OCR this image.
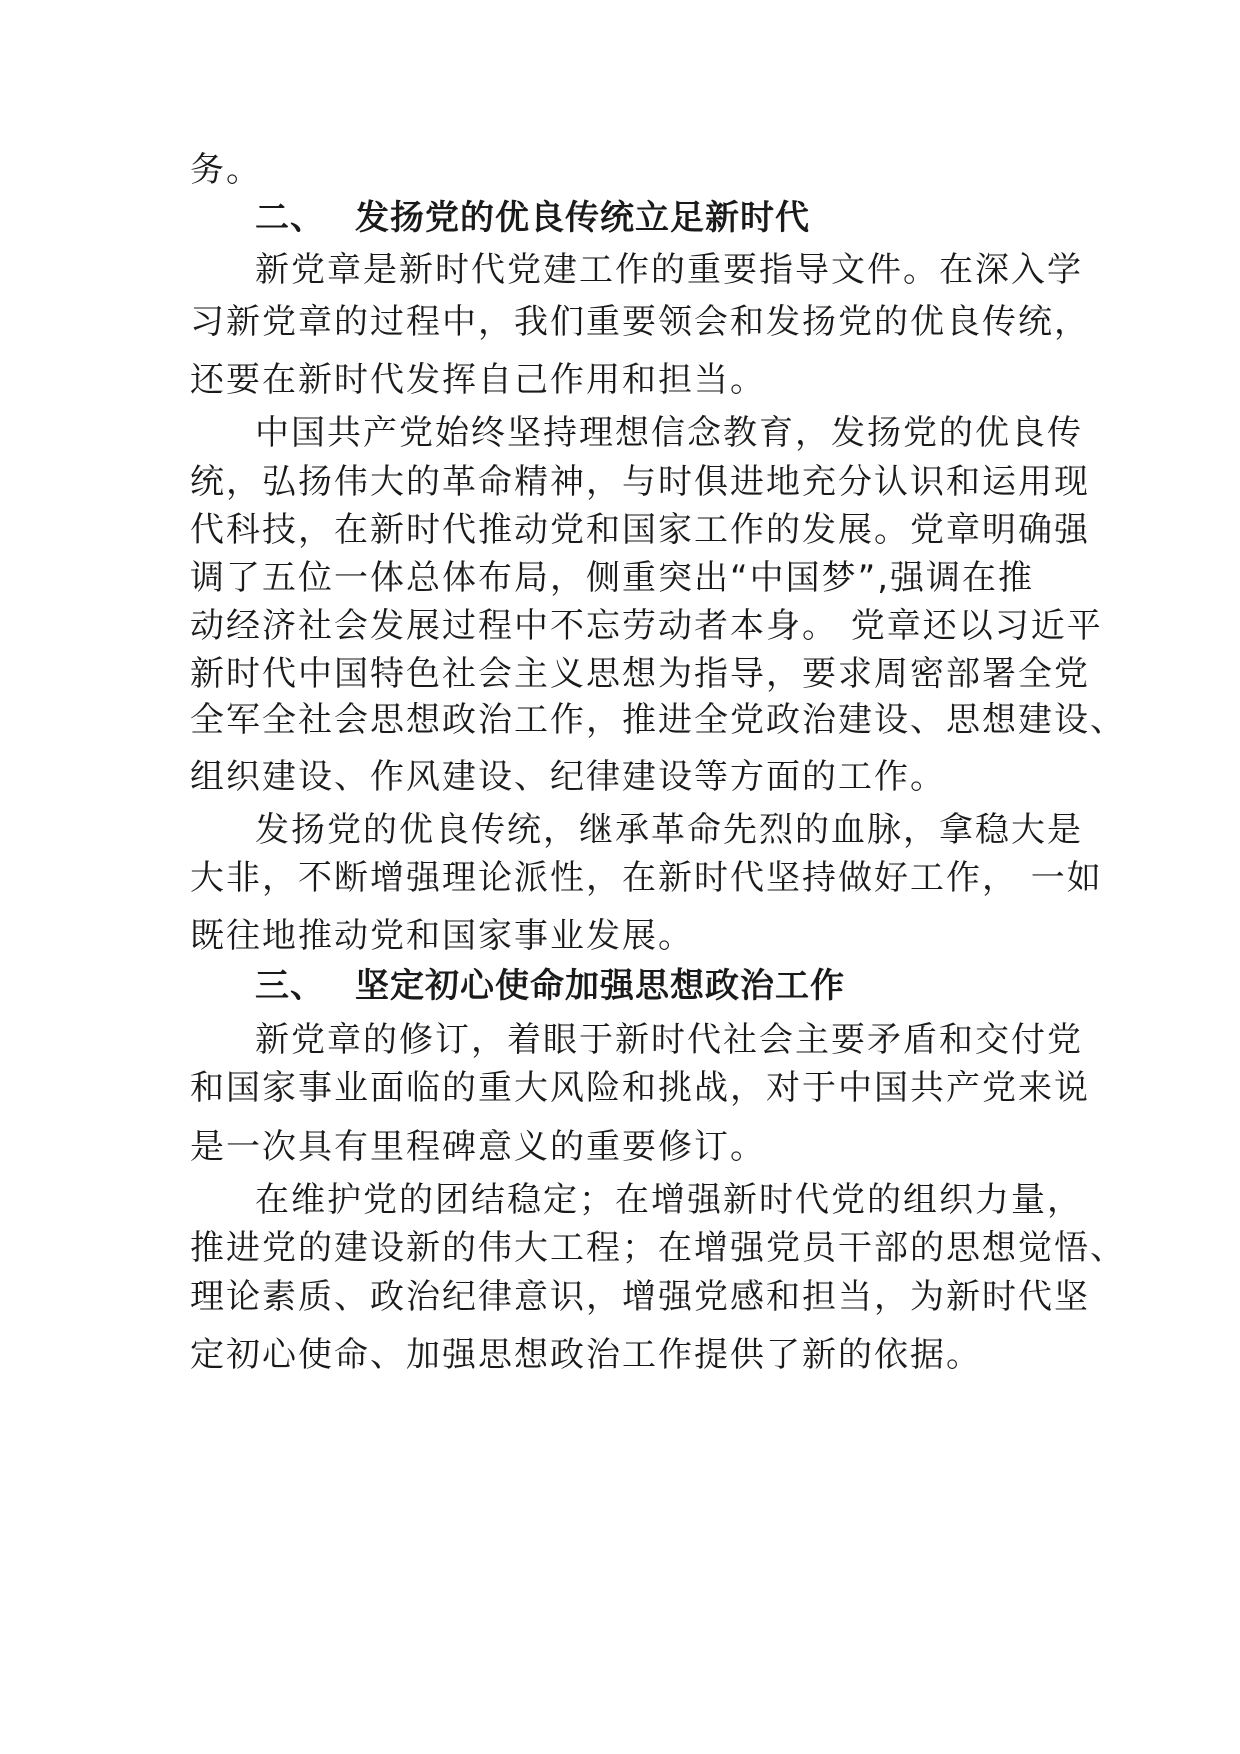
务。
二、 发扬党的优良传统立足新时代
新党章是新时代党建工作的重要指导文件。在深入学
习新党章的过程中，我们重要领会和发扬党的优良传统，
还要在新时代发挥自己作用和担当。
中国共产党始终坚持理想信念教育，发扬党的优良传
统，弘扬伟大的革命精神，与时俱进地充分认识和运用现
代科技，在新时代推动党和国家工作的发展。党章明确强
调了五位一体总体布局，侧重突出“中国梦”,强调在推
动经济社会发展过程中不忘劳动者本身。 党章还以习近平
新时代中国特色社会主义思想为指导，要求周密部署全党
全军全社会思想政治工作，推进全党政治建设、思想建设、
组织建设、作风建设、纪律建设等方面的工作。
发扬党的优良传统，继承革命先烈的血脉，拿稳大是
大非，不断增强理论派性，在新时代坚持做好工作， 一如
既往地推动党和国家事业发展。
三、 坚定初心使命加强思想政治工作
新党章的修订，着眼于新时代社会主要矛盾和交付党
和国家事业面临的重大风险和挑战，对于中国共产党来说
是一次具有里程碑意义的重要修订。
在维护党的团结稳定；在增强新时代党的组织力量，
推进党的建设新的伟大工程；在增强党员干部的思想觉悟、
理论素质、政治纪律意识，增强党感和担当，为新时代坚
定初心使命、加强思想政治工作提供了新的依据。
